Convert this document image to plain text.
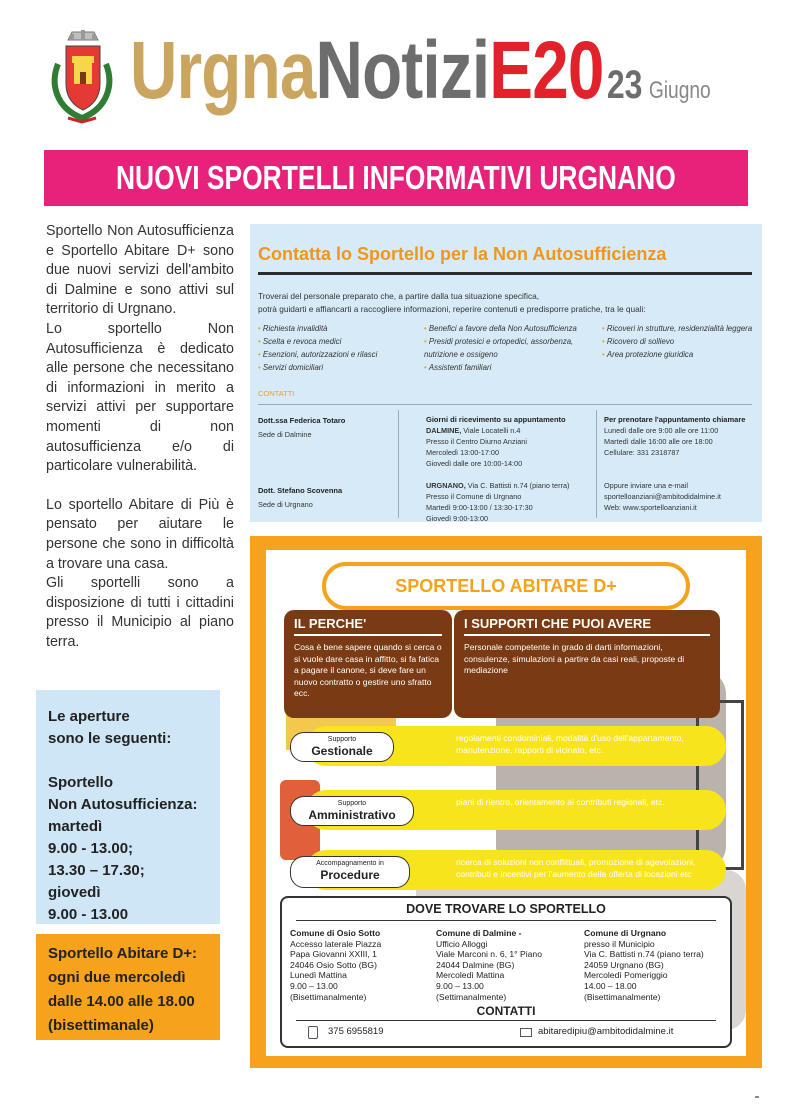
UrgnaNotiziE2023 Giugno
NUOVI SPORTELLI INFORMATIVI URGNANO

Sportello Non Autosufficienza e Sportello Abitare D+ sono due nuovi servizi dell'ambito di Dalmine e sono attivi sul territorio di Urgnano.

Lo sportello Non Autosufficienza è dedicato alle persone che necessitano di informazioni in merito a servizi attivi per supportare momenti di non autosufficienza e/o di particolare vulnerabilità.

Lo sportello Abitare di Più è pensato per aiutare le persone che sono in difficoltà a trovare una casa.

Gli sportelli sono a disposizione di tutti i cittadini presso il Municipio al piano terra.

Le aperture
sono le seguenti:
Sportello
Non Autosufficienza:
martedì
9.00 - 13.00;
13.30 – 17.30;
giovedì
9.00 - 13.00
Sportello Abitare D+:
ogni due mercoledì
dalle 14.00 alle 18.00
(bisettimanale)
Contatta lo Sportello per la Non Autosufficienza
Troverai del personale preparato che, a partire dalla tua situazione specifica,
potrà guidarti e affiancarti a raccogliere informazioni, reperire contenuti e predisporre pratiche, tra le quali:
• Richiesta invalidità
• Scelta e revoca medici
• Esenzioni, autorizzazioni e rilasci
• Servizi domiciliari
• Benefici a favore della Non Autosufficienza
• Presidi protesici e ortopedici, assorbenza, nutrizione e ossigeno
• Assistenti familiari
• Ricoveri in strutture, residenzialità leggera
• Ricovero di sollievo
• Area protezione giuridica
CONTATTI
Dott.ssa Federica Totaro
Sede di Dalmine
Dott. Stefano Scovenna
Sede di Urgnano
Giorni di ricevimento su appuntamento
DALMINE, Viale Locatelli n.4
Presso il Centro Diurno Anziani
Mercoledì 13:00-17:00
Giovedì dalle ore 10:00-14:00
URGNANO, Via C. Battisti n.74 (piano terra)
Presso il Comune di Urgnano
Martedì 9:00-13:00 / 13:30-17:30
Giovedì 9:00-13:00
Per prenotare l'appuntamento chiamare
Lunedì dalle ore 9:00 alle ore 11:00
Martedì dalle 16:00 alle ore 18:00
Cellulare: 331 2318787
Oppure inviare una e-mail
sportelloanziani@ambitodidalmine.it
Web: www.sportelloanziani.it
SPORTELLO ABITARE D+
IL PERCHE'
Cosa è bene sapere quando si cerca o si vuole dare casa in affitto, si fa fatica a pagare il canone, si deve fare un nuovo contratto o gestire uno sfratto ecc.
I SUPPORTI CHE PUOI AVERE
Personale competente in grado di darti informazioni, consulenze, simulazioni a partire da casi reali, proposte di mediazione
regolamenti condominiali, modalità d'uso dell'appartamento, manutenzione, rapporti di vicinato, etc.
Supporto
Gestionale
piani di rientro, orientamento ai contributi regionali, etc.
Supporto
Amministrativo
ricerca di soluzioni non conflittuali, promozione di agevolazioni, contributi e incentivi per l'aumento della offerta di locazioni etc
Accompagnamento in
Procedure
DOVE TROVARE LO SPORTELLO
Comune di Osio Sotto
Accesso laterale Piazza
Papa Giovanni XXIII, 1
24046 Osio Sotto (BG)
Lunedì Mattina
9.00 – 13.00
(Bisettimanalmente)
Comune di Dalmine -
Ufficio Alloggi
Viale Marconi n. 6, 1° Piano
24044 Dalmine (BG)
Mercoledì Mattina
9.00 – 13.00
(Settimanalmente)
Comune di Urgnano
presso il Municipio
Via C. Battisti n.74 (piano terra)
24059 Urgnano (BG)
Mercoledì Pomeriggio
14.00 – 18.00
(Bisettimanalmente)
CONTATTI
375 6955819	abitaredipiu@ambitodidalmine.it
